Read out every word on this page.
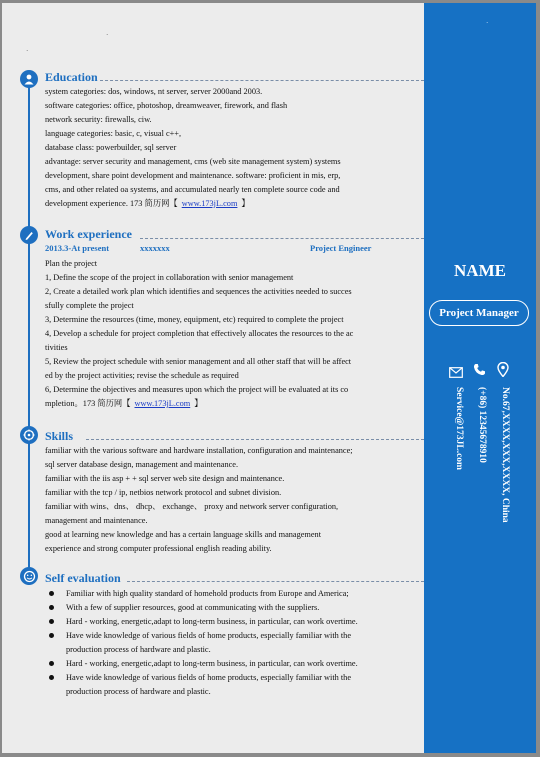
Education
system categories: dos, windows, nt server, server 2000and 2003.
software categories: office, photoshop, dreamweaver, firework, and flash
network security: firewalls, ciw.
language categories: basic, c, visual c++,
database class: powerbuilder, sql server
advantage: server security and management, cms (web site management system) systems
development, share point development and maintenance. software: proficient in mis, erp,
cms, and other related oa systems, and accumulated nearly ten complete source code and
development experience. 173 简历网【 www.173jL.com 】
Work experience
2013.3-At present	xxxxxxx	Project Engineer
Plan the project
1, Define the scope of the project in collaboration with senior management
2, Create a detailed work plan which identifies and sequences the activities needed to succes
sfully complete the project
3, Determine the resources (time, money, equipment, etc) required to complete the project
4, Develop a schedule for project completion that effectively allocates the resources to the ac
tivities
5, Review the project schedule with senior management and all other staff that will be affect
ed by the project activities; revise the schedule as required
6, Determine the objectives and measures upon which the project will be evaluated at its co
mpletion。173 简历网【 www.173jL.com 】
Skills
familiar with the various software and hardware installation, configuration and maintenance;
sql server database design, management and maintenance.
familiar with the iis asp + + sql server web site design and maintenance.
familiar with the tcp / ip, netbios network protocol and subnet division.
familiar with wins、dns、 dhcp、 exchange、 proxy and network server configuration,
management and maintenance.
good at learning new knowledge and has a certain language skills and management
experience and strong computer professional english reading ability.
Self evaluation
Familiar with high quality standard of homehold products from Europe and America;
With a few of supplier resources, good at communicating with the suppliers.
Hard - working, energetic,adapt to long-term business, in particular, can work overtime.
Have wide knowledge of various fields of home products, especially familiar with the
production process of hardware and plastic.
Hard - working, energetic,adapt to long-term business, in particular, can work overtime.
Have wide knowledge of various fields of home products, especially familiar with the
production process of hardware and plastic.
NAME
Project Manager
Service@173JL.com	(+86) 12345678910	No.67,XXXX,XXX,XXXX, China
·
·
·
